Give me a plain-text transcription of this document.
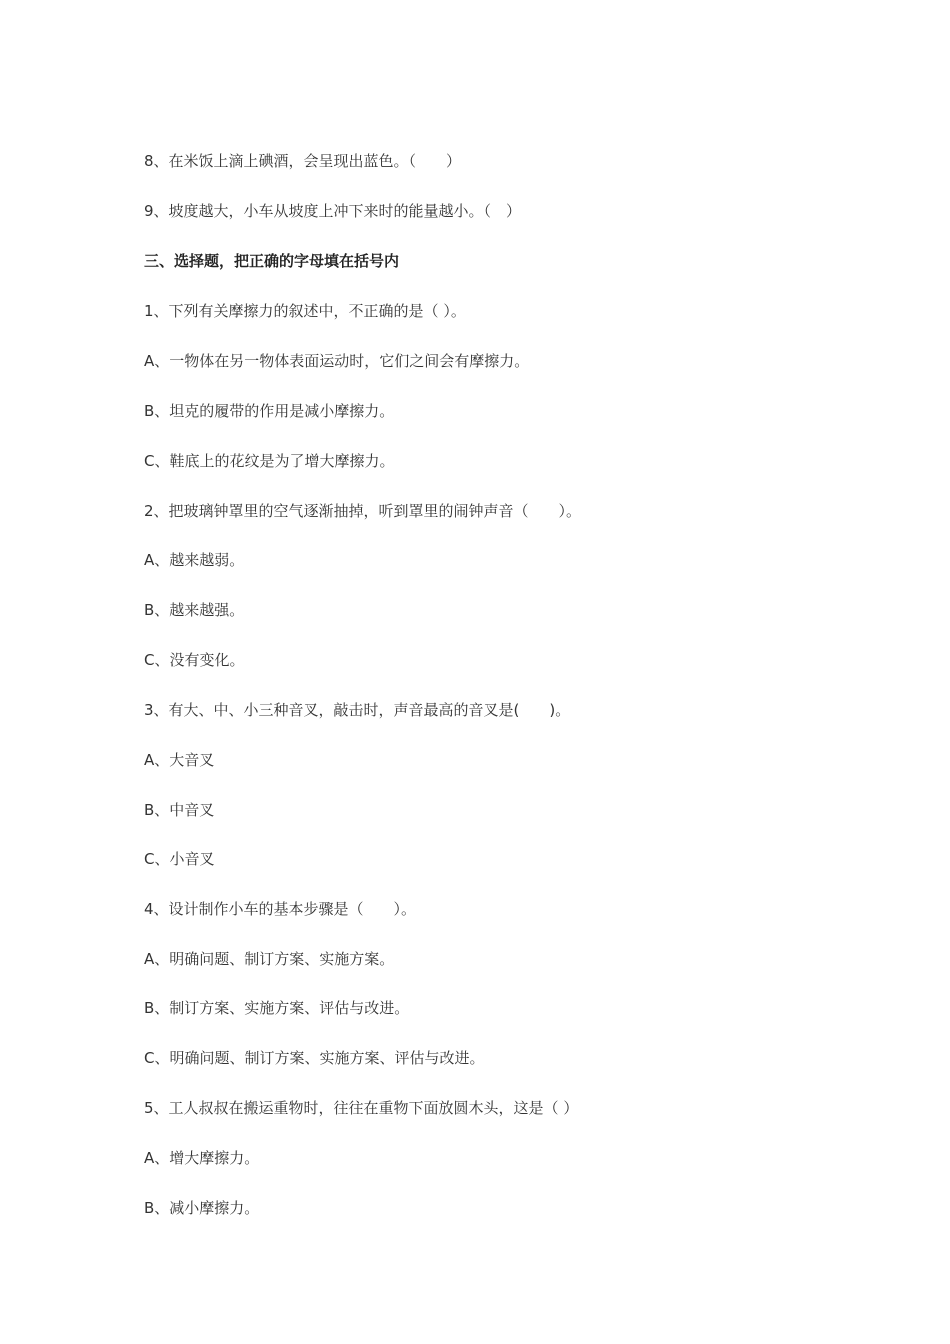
8、在米饭上滴上碘酒，会呈现出蓝色。（　　）
9、坡度越大，小车从坡度上冲下来时的能量越小。（　）
三、选择题，把正确的字母填在括号内
1、下列有关摩擦力的叙述中，不正确的是（ ）。
A、一物体在另一物体表面运动时，它们之间会有摩擦力。
B、坦克的履带的作用是减小摩擦力。
C、鞋底上的花纹是为了增大摩擦力。
2、把玻璃钟罩里的空气逐渐抽掉，听到罩里的闹钟声音（　　）。
A、越来越弱。
B、越来越强。
C、没有变化。
3、有大、中、小三种音叉，敲击时，声音最高的音叉是(　　)。
A、大音叉
B、中音叉
C、小音叉
4、设计制作小车的基本步骤是（　　）。
A、明确问题、制订方案、实施方案。
B、制订方案、实施方案、评估与改进。
C、明确问题、制订方案、实施方案、评估与改进。
5、工人叔叔在搬运重物时，往往在重物下面放圆木头，这是（ ）
A、增大摩擦力。
B、减小摩擦力。
